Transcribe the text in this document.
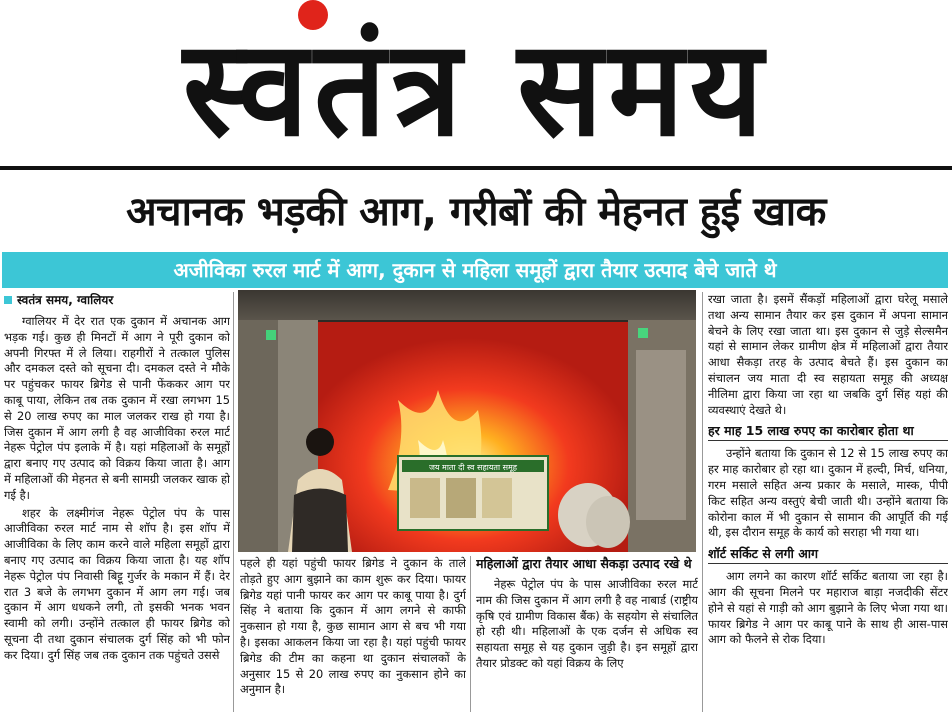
स्वतंत्र समय
अचानक भड़की आग, गरीबों की मेहनत हुई खाक
अजीविका रुरल मार्ट में आग, दुकान से महिला समूहों द्वारा तैयार उत्पाद बेचे जाते थे
स्वतंत्र समय, ग्वालियर

ग्वालियर में देर रात एक दुकान में अचानक आग भड़क गई। कुछ ही मिनटों में आग ने पूरी दुकान को अपनी गिरफ्त में ले लिया। राहगीरों ने तत्काल पुलिस और दमकल दस्ते को सूचना दी। दमकल दस्ते ने मौके पर पहुंचकर फायर ब्रिगेड से पानी फेंककर आग पर काबू पाया, लेकिन तब तक दुकान में रखा लगभग 15 से 20 लाख रुपए का माल जलकर राख हो गया है। जिस दुकान में आग लगी है वह आजीविका रुरल मार्ट नेहरू पेट्रोल पंप इलाके में है। यहां महिलाओं के समूहों द्वारा बनाए गए उत्पाद को विक्रय किया जाता है। आग में महिलाओं की मेहनत से बनी सामग्री जलकर खाक हो गई है।

शहर के लक्ष्मीगंज नेहरू पेट्रोल पंप के पास आजीविका रुरल मार्ट नाम से शॉप है। इस शॉप में आजीविका के लिए काम करने वाले महिला समूहों द्वारा बनाए गए उत्पाद का विक्रय किया जाता है। यह शॉप नेहरू पेट्रोल पंप निवासी बिट्टू गुर्जर के मकान में हैं। देर रात 3 बजे के लगभग दुकान में आग लग गई। जब दुकान में आग धधकने लगी, तो इसकी भनक भवन स्वामी को लगी। उन्होंने तत्काल ही फायर ब्रिगेड को सूचना दी तथा दुकान संचालक दुर्ग सिंह को भी फोन कर दिया। दुर्ग सिंह जब तक दुकान तक पहुंचते उससे

जय माता दी स्व सहायता समूह

पहले ही यहां पहुंची फायर ब्रिगेड ने दुकान के ताले तोड़ते हुए आग बुझाने का काम शुरू कर दिया। फायर ब्रिगेड यहां पानी फायर कर आग पर काबू पाया है। दुर्ग सिंह ने बताया कि दुकान में आग लगने से काफी नुकसान हो गया है, कुछ सामान आग से बच भी गया है। इसका आकलन किया जा रहा है। यहां पहुंची फायर ब्रिगेड की टीम का कहना था दुकान संचालकों के अनुसार 15 से 20 लाख रुपए का नुकसान होने का अनुमान है।

महिलाओं द्वारा तैयार आधा सैकड़ा उत्पाद रखे थे

नेहरू पेट्रोल पंप के पास आजीविका रुरल मार्ट नाम की जिस दुकान में आग लगी है वह नाबार्ड (राष्ट्रीय कृषि एवं ग्रामीण विकास बैंक) के सहयोग से संचालित हो रही थी। महिलाओं के एक दर्जन से अधिक स्व सहायता समूह से यह दुकान जुड़ी है। इन समूहों द्वारा तैयार प्रोडक्ट को यहां विक्रय के लिए

रखा जाता है। इसमें सैंकड़ों महिलाओं द्वारा घरेलू मसाले तथा अन्य सामान तैयार कर इस दुकान में अपना सामान बेचने के लिए रखा जाता था। इस दुकान से जुड़े सेल्समैन यहां से सामान लेकर ग्रामीण क्षेत्र में महिलाओं द्वारा तैयार आधा सैकड़ा तरह के उत्पाद बेचते हैं। इस दुकान का संचालन जय माता दी स्व सहायता समूह की अध्यक्ष नीलिमा द्वारा किया जा रहा था जबकि दुर्ग सिंह यहां की व्यवस्थाएं देखते थे।

हर माह 15 लाख रुपए का कारोबार होता था

उन्होंने बताया कि दुकान से 12 से 15 लाख रुपए का हर माह कारोबार हो रहा था। दुकान में हल्दी, मिर्च, धनिया, गरम मसाले सहित अन्य प्रकार के मसाले, मास्क, पीपी किट सहित अन्य वस्तुएं बेची जाती थी। उन्होंने बताया कि कोरोना काल में भी दुकान से सामान की आपूर्ति की गई थी, इस दौरान समूह के कार्य को सराहा भी गया था।

शॉर्ट सर्किट से लगी आग

आग लगने का कारण शॉर्ट सर्किट बताया जा रहा है। आग की सूचना मिलने पर महाराज बाड़ा नजदीकी सेंटर होने से यहां से गाड़ी को आग बुझाने के लिए भेजा गया था। फायर ब्रिगेड ने आग पर काबू पाने के साथ ही आस-पास आग को फैलने से रोक दिया।
